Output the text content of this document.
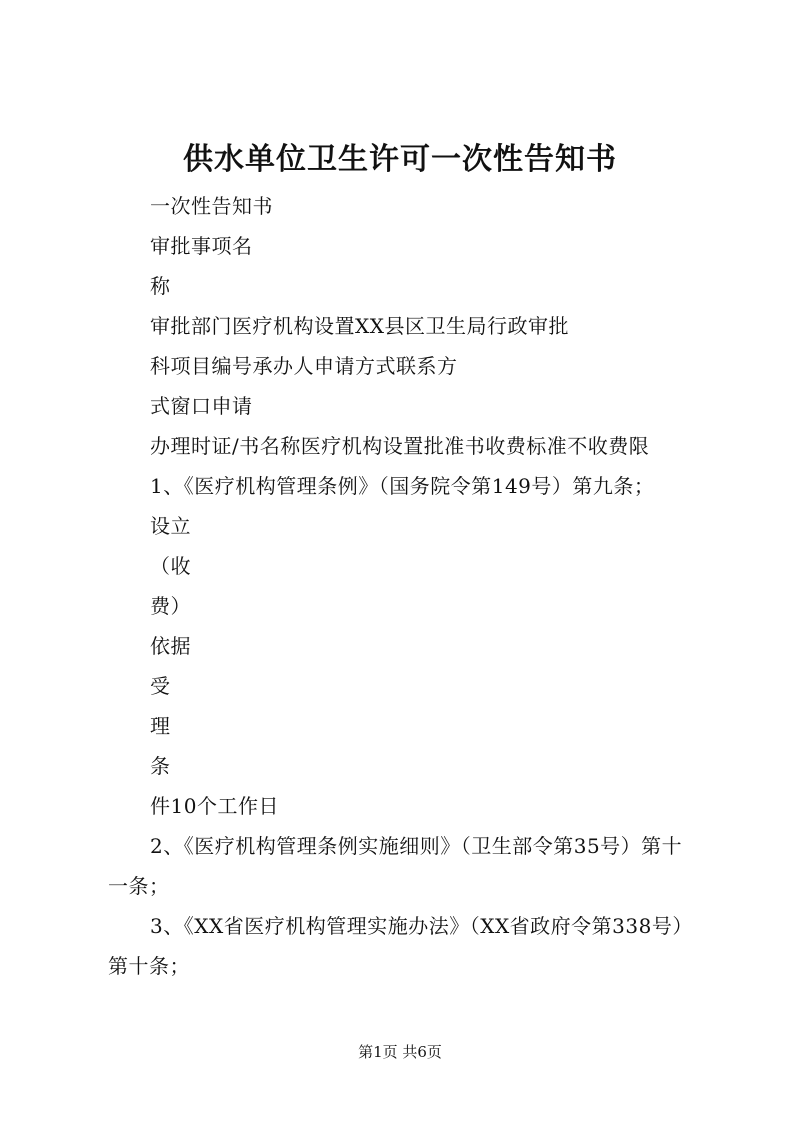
供水单位卫生许可一次性告知书
一次性告知书
审批事项名
称
审批部门医疗机构设置XX县区卫生局行政审批
科项目编号承办人申请方式联系方
式窗口申请
办理时证/书名称医疗机构设置批准书收费标准不收费限
1、《医疗机构管理条例》（国务院令第149号）第九条；
设立
（收
费）
依据
受
理
条
件10个工作日
2、《医疗机构管理条例实施细则》（卫生部令第35号）第十
一条；
3、《XX省医疗机构管理实施办法》（XX省政府令第338号）
第十条；
第1页 共6页
